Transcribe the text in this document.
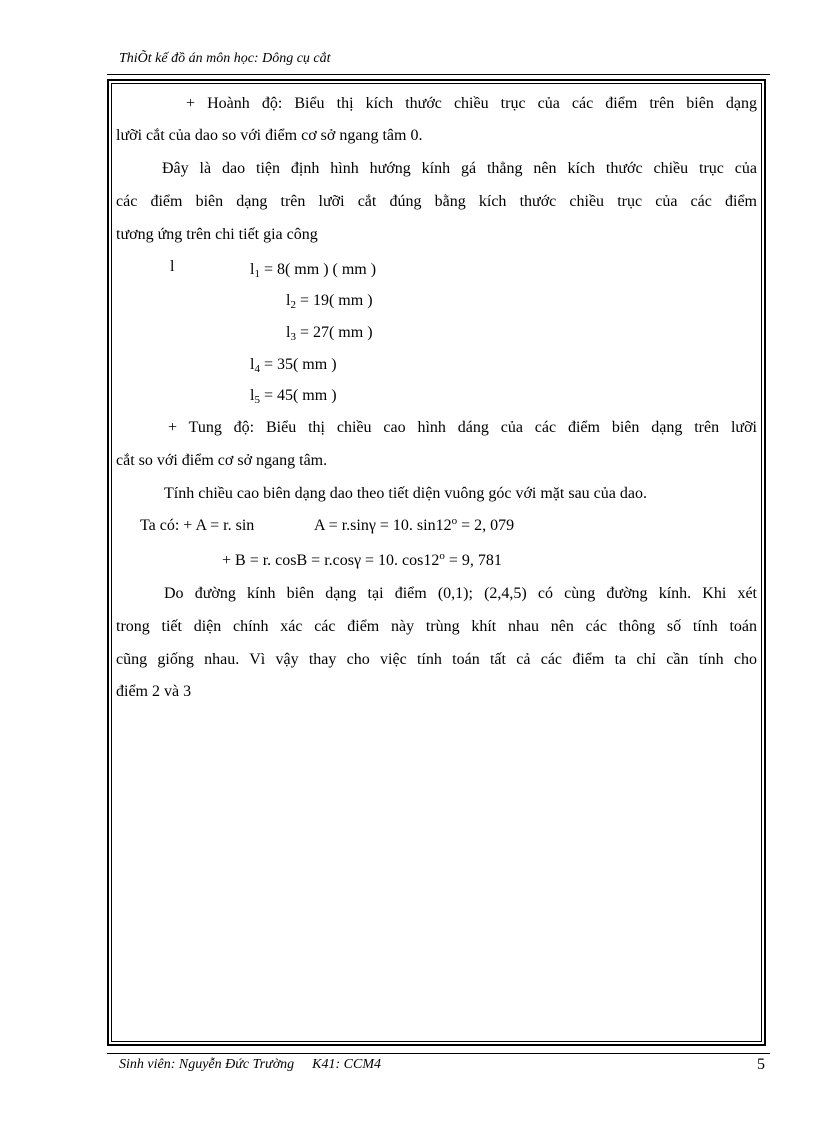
ThiÕt kế đồ án môn học: Dông cụ cắt
+ Hoành độ: Biểu thị kích thước chiều trục của các điểm trên biên dạng
lưỡi cắt của dao so với điểm cơ sở ngang tâm 0.
Đây là dao tiện định hình hướng kính gá thẳng nên kích thước chiều trục của
các điểm biên dạng trên lưỡi cắt đúng bằng kích thước chiều trục của các điểm
tương ứng trên chi tiết gia công
l	$l_1 = 8$( mm ) ( mm )
$l_2 = 19$( mm )
$l_3 = 27$( mm )
$l_4 = 35$( mm )
$l_5 = 45$( mm )
+ Tung độ: Biểu thị chiều cao hình dáng của các điểm biên dạng trên lưỡi
cắt so với điểm cơ sở ngang tâm.
Tính chiều cao biên dạng dao theo tiết diện vuông góc với mặt sau của dao.
Ta có: + A = r. sin	A = r.sinγ = 10. $\sin 12^o = 2$, 079
+ B = r. cosB = r.cosγ = 10. $\cos 12^o = 9$, 781
Do đường kính biên dạng tại điểm (0,1); (2,4,5) có cùng đường kính. Khi xét
trong tiết diện chính xác các điểm này trùng khít nhau nên các thông số tính toán
cũng giống nhau. Vì vậy thay cho việc tính toán tất cả các điểm ta chỉ cần tính cho
điểm 2 và 3
Sinh viên: Nguyễn Đức Trường K41: CCM4	5
